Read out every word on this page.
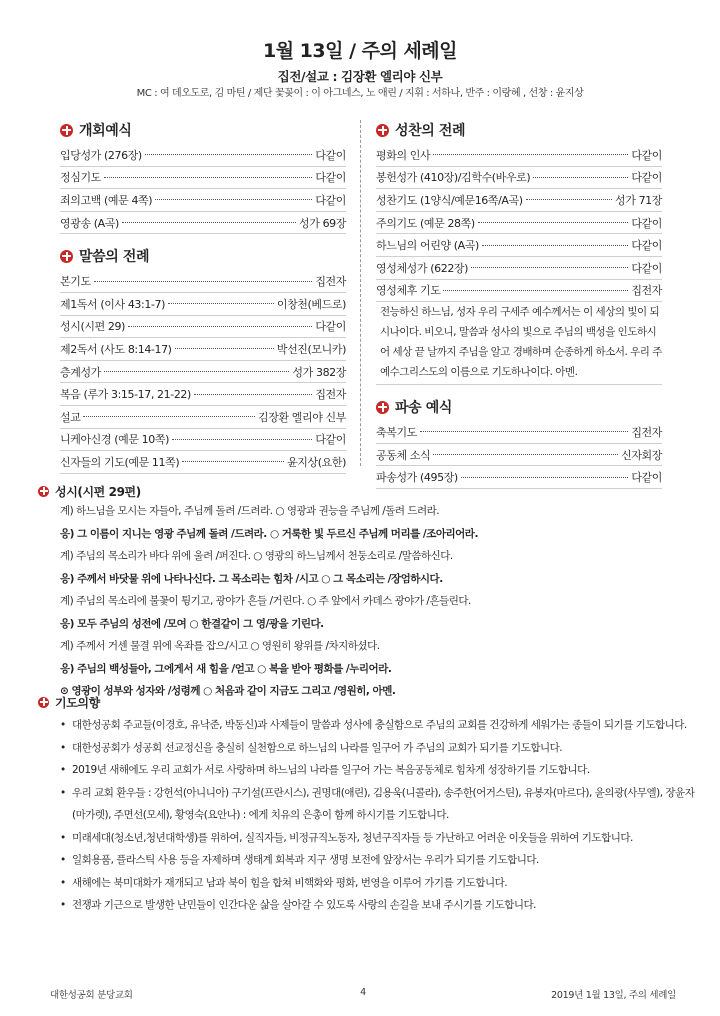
1월 13일 / 주의 세례일
집전/설교 : 김장환 엘리야 신부
MC : 여 데오도로, 김 마틴 / 제단 꽃꽂이 : 이 아그네스, 노 애린 / 지휘 : 서하나, 반주 : 이랑혜 , 선창 : 윤지상
개회예식
입당성가 (276장)	다같이
정심기도	다같이
죄의고백 (예문 4쪽)	다같이
영광송 (A곡)	성가 69장
말씀의 전례
본기도	집전자
제1독서 (이사 43:1-7)	이창천(베드로)
성시(시편 29)	다같이
제2독서 (사도 8:14-17)	박선진(모니카)
층계성가	성가 382장
복음 (루가 3:15-17, 21-22)	집전자
설교	김장환 엘리야 신부
니케아신경 (예문 10쪽)	다같이
신자들의 기도(예문 11쪽)	윤지상(요한)
성찬의 전례
평화의 인사	다같이
봉헌성가 (410장)/김학수(바우로)	다같이
성찬기도 (1양식/예문16쪽/A곡)	성가 71장
주의기도 (예문 28쪽)	다같이
하느님의 어린양 (A곡)	다같이
영성체성가 (622장)	다같이
영성체후 기도	집전자
전능하신 하느님, 성자 우리 구세주 예수께서는 이 세상의 빛이 되시나이다. 비오니, 말씀과 성사의 빛으로 주님의 백성을 인도하시어 세상 끝 날까지 주님을 알고 경배하며 순종하게 하소서. 우리 주 예수그리스도의 이름으로 기도하나이다. 아멘.
파송 예식
축복기도	집전자
공동체 소식	신자회장
파송성가 (495장)	다같이
성시(시편 29편)
계) 하느님을 모시는 자들아, 주님께 돌려 /드려라. ○ 영광과 권능을 주님께 /돌려 드려라.
응) 그 이름이 지니는 영광 주님께 돌려 /드려라. ○ 거룩한 빛 두르신 주님께 머리를 /조아리어라.
계) 주님의 목소리가 바다 위에 울려 /퍼진다. ○ 영광의 하느님께서 천둥소리로 /말씀하신다.
응) 주께서 바닷물 위에 나타나신다. 그 목소리는 힘차 /시고 ○ 그 목소리는 /장엄하시다.
계) 주님의 목소리에 불꽃이 튕기고, 광야가 흔들 /거린다. ○ 주 앞에서 카데스 광야가 /흔들린다.
응) 모두 주님의 성전에 /모여 ○ 한결같이 그 영/광을 기린다.
계) 주께서 거센 물결 위에 옥좌를 잡으/시고 ○ 영원히 왕위를 /차지하셨다.
응) 주님의 백성들아, 그에게서 새 힘을 /얻고 ○ 복을 받아 평화를 /누리어라.
⊙ 영광이 성부와 성자와 /성령께 ○ 처음과 같이 지금도 그리고 /영원히, 아멘.
기도의향
• 대한성공회 주교들(이경호, 유낙준, 박동신)과 사제들이 말씀과 성사에 충실함으로 주님의 교회를 건강하게 세워가는 종들이 되기를 기도합니다.
• 대한성공회가 성공회 선교정신을 충실히 실천함으로 하느님의 나라를 일구어 가 주님의 교회가 되기를 기도합니다.
• 2019년 새해에도 우리 교회가 서로 사랑하며 하느님의 나라를 일구어 가는 복음공동체로 힘차게 성장하기를 기도합니다.
• 우리 교회 환우들 : 강헌석(아니니아) 구기설(프란시스), 권명대(애린), 김용욱(니콜라), 송주한(어거스틴), 유봉자(마르다), 윤의광(사무엘), 장윤자(마가렛), 주면선(모세), 황영숙(요안나) : 에게 치유의 은총이 함께 하시기를 기도합니다.
• 미래세대(청소년,청년대학생)를 위하여, 실직자들, 비정규직노동자, 청년구직자들 등 가난하고 어려운 이웃들을 위하여 기도합니다.
• 일회용품, 플라스틱 사용 등을 자제하며 생태계 회복과 지구 생명 보전에 앞장서는 우리가 되기를 기도합니다.
• 새해에는 북미대화가 재개되고 남과 북이 힘을 합쳐 비핵화와 평화, 번영을 이루어 가기를 기도합니다.
• 전쟁과 기근으로 발생한 난민들이 인간다운 삶을 살아갈 수 있도록 사랑의 손길을 보내 주시기를 기도합니다.
대한성공회 분당교회	4	2019년 1월 13일, 주의 세례일
